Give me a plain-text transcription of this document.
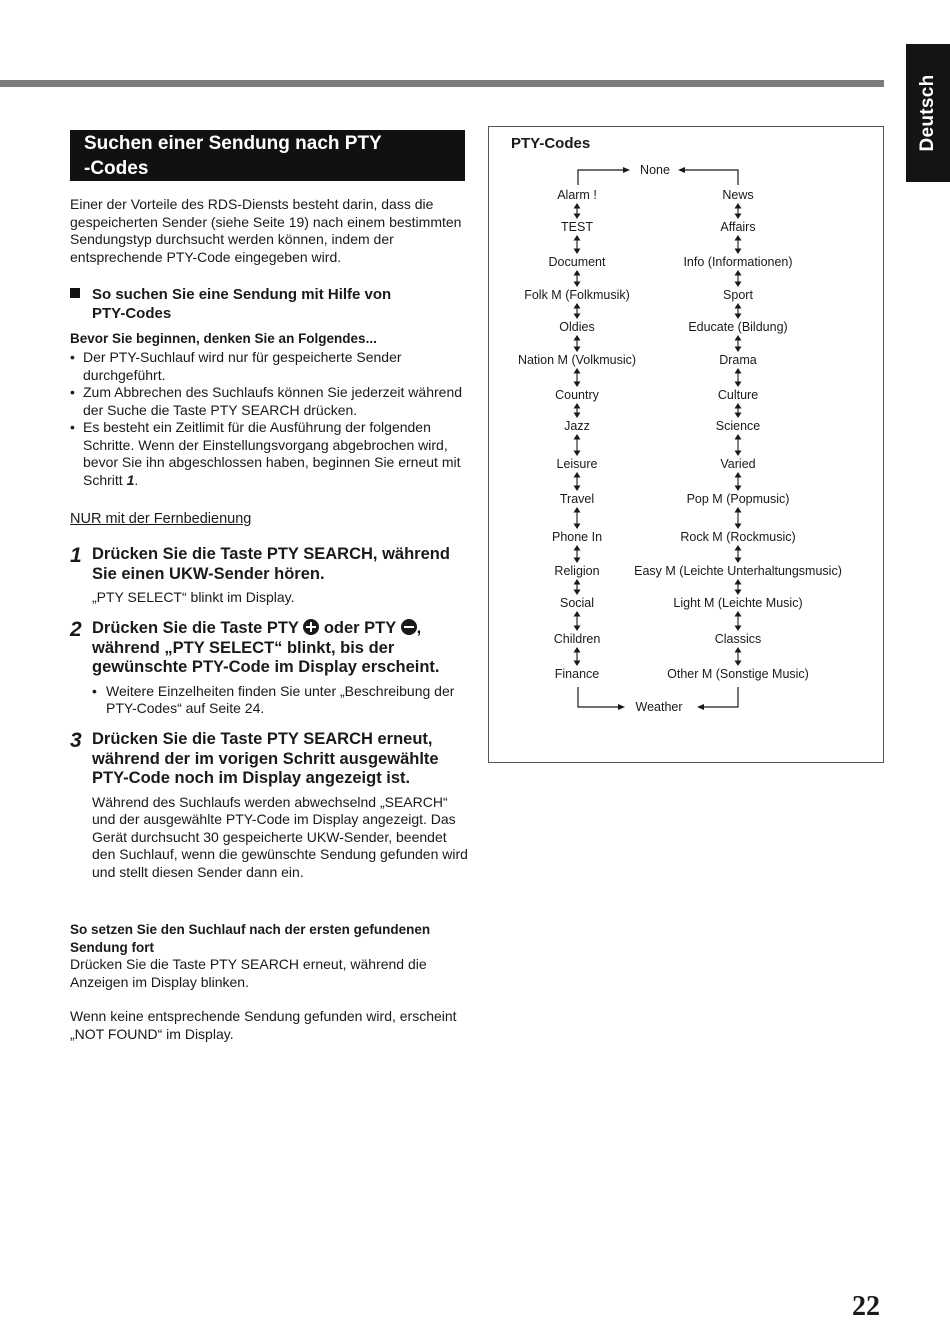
Deutsch
Suchen einer Sendung nach PTY
-Codes
Einer der Vorteile des RDS-Diensts besteht darin, dass die gespeicherten Sender (siehe Seite 19) nach einem bestimmten Sendungstyp durchsucht werden können, indem der entsprechende PTY-Code eingegeben wird.
So suchen Sie eine Sendung mit Hilfe von
PTY-Codes
Bevor Sie beginnen, denken Sie an Folgendes...
• Der PTY-Suchlauf wird nur für gespeicherte Sender durchgeführt.
• Zum Abbrechen des Suchlaufs können Sie jederzeit während der Suche die Taste PTY SEARCH drücken.
• Es besteht ein Zeitlimit für die Ausführung der folgenden Schritte. Wenn der Einstellungsvorgang abgebrochen wird, bevor Sie ihn abgeschlossen haben, beginnen Sie erneut mit Schritt 1.
NUR mit der Fernbedienung
1 Drücken Sie die Taste PTY SEARCH, während Sie einen UKW-Sender hören.
„PTY SELECT“ blinkt im Display.
2 Drücken Sie die Taste PTY oder PTY , während „PTY SELECT“ blinkt, bis der gewünschte PTY-Code im Display erscheint.
• Weitere Einzelheiten finden Sie unter „Beschreibung der PTY-Codes“ auf Seite 24.
3 Drücken Sie die Taste PTY SEARCH erneut, während der im vorigen Schritt ausgewählte PTY-Code noch im Display angezeigt ist.
Während des Suchlaufs werden abwechselnd „SEARCH“ und der ausgewählte PTY-Code im Display angezeigt. Das Gerät durchsucht 30 gespeicherte UKW-Sender, beendet den Suchlauf, wenn die gewünschte Sendung gefunden wird und stellt diesen Sender dann ein.
So setzen Sie den Suchlauf nach der ersten gefundenen Sendung fort
Drücken Sie die Taste PTY SEARCH erneut, während die Anzeigen im Display blinken.
Wenn keine entsprechende Sendung gefunden wird, erscheint „NOT FOUND“ im Display.
PTY-Codes
None
Weather
Alarm !
TEST
Document
Folk M (Folkmusik)
Oldies
Nation M (Volkmusic)
Country
Jazz
Leisure
Travel
Phone In
Religion
Social
Children
Finance
News
Affairs
Info (Informationen)
Sport
Educate (Bildung)
Drama
Culture
Science
Varied
Pop M (Popmusic)
Rock M (Rockmusic)
Easy M (Leichte Unterhaltungsmusic)
Light M (Leichte Music)
Classics
Other M (Sonstige Music)
22
